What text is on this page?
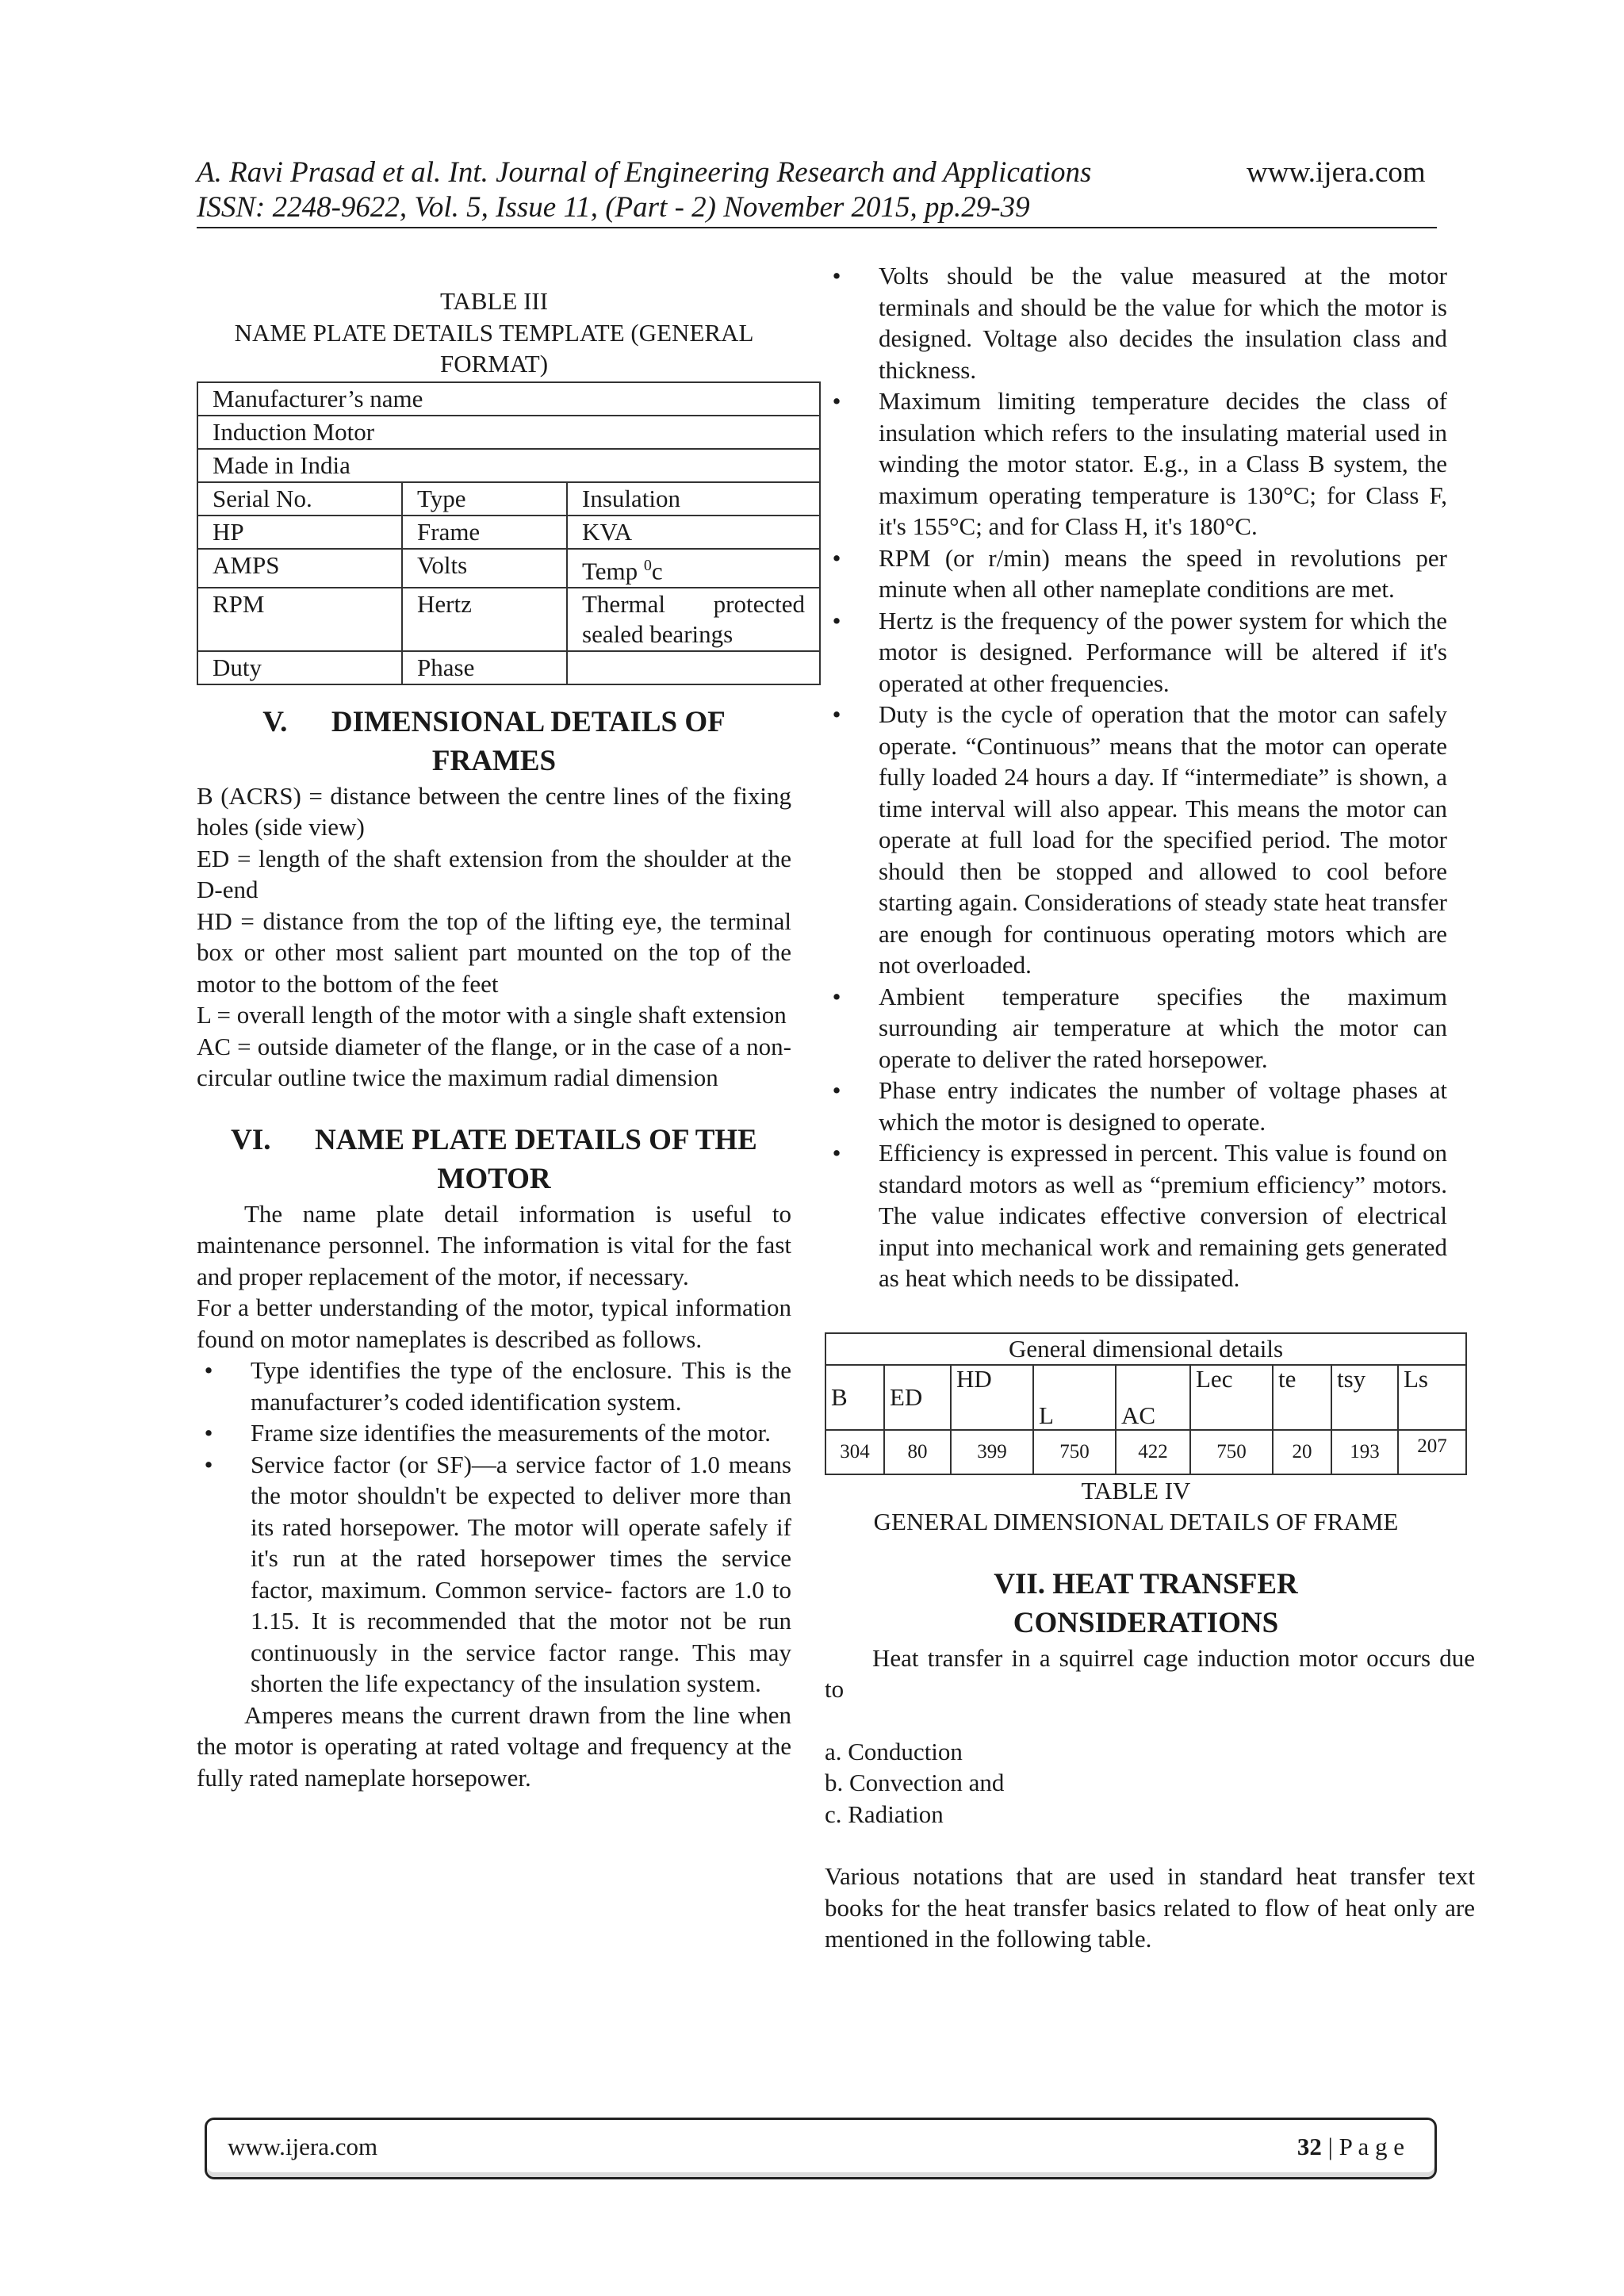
A. Ravi Prasad et al. Int. Journal of Engineering Research and Applications	www.ijera.com
ISSN: 2248-9622, Vol. 5, Issue 11, (Part - 2) November 2015, pp.29-39
TABLE III
NAME PLATE DETAILS TEMPLATE (GENERAL FORMAT)
Manufacturer’s name		
Induction Motor		
Made in India		
Serial No.	Type	Insulation
HP	Frame	KVA
AMPS	Volts	Temp $^0$c
RPM	Hertz	Thermal protected sealed bearings
Duty	Phase	
V. DIMENSIONAL DETAILS OF
FRAMES

B (ACRS) = distance between the centre lines of the fixing holes (side view)

ED = length of the shaft extension from the shoulder at the D-end

HD = distance from the top of the lifting eye, the terminal box or other most salient part mounted on the top of the motor to the bottom of the feet

L = overall length of the motor with a single shaft extension

AC = outside diameter of the flange, or in the case of a non-circular outline twice the maximum radial dimension

VI. NAME PLATE DETAILS OF THE
MOTOR

The name plate detail information is useful to maintenance personnel. The information is vital for the fast and proper replacement of the motor, if necessary.

For a better understanding of the motor, typical information found on motor nameplates is described as follows.

•	Type identifies the type of the enclosure. This is the manufacturer’s coded identification system.
•	Frame size identifies the measurements of the motor.
•	Service factor (or SF)—a service factor of 1.0 means the motor shouldn't be expected to deliver more than its rated horsepower. The motor will operate safely if it's run at the rated horsepower times the service factor, maximum. Common service- factors are 1.0 to 1.15. It is recommended that the motor not be run continuously in the service factor range. This may shorten the life expectancy of the insulation system.

Amperes means the current drawn from the line when the motor is operating at rated voltage and frequency at the fully rated nameplate horsepower.

•	Volts should be the value measured at the motor terminals and should be the value for which the motor is designed. Voltage also decides the insulation class and thickness.
•	Maximum limiting temperature decides the class of insulation which refers to the insulating material used in winding the motor stator. E.g., in a Class B system, the maximum operating temperature is 130°C; for Class F, it's 155°C; and for Class H, it's 180°C.
•	RPM (or r/min) means the speed in revolutions per minute when all other nameplate conditions are met.
•	Hertz is the frequency of the power system for which the motor is designed. Performance will be altered if it's operated at other frequencies.
•	Duty is the cycle of operation that the motor can safely operate. “Continuous” means that the motor can operate fully loaded 24 hours a day. If “intermediate” is shown, a time interval will also appear. This means the motor can operate at full load for the specified period. The motor should then be stopped and allowed to cool before starting again. Considerations of steady state heat transfer are enough for continuous operating motors which are not overloaded.
•	Ambient temperature specifies the maximum surrounding air temperature at which the motor can operate to deliver the rated horsepower.
•	Phase entry indicates the number of voltage phases at which the motor is designed to operate.
•	Efficiency is expressed in percent. This value is found on standard motors as well as “premium efficiency” motors. The value indicates effective conversion of electrical input into mechanical work and remaining gets generated as heat which needs to be dissipated.
General dimensional details								
B	ED	HD	L	AC	Lec	te	tsy	Ls
304	80	399	750	422	750	20	193	207
TABLE IV
GENERAL DIMENSIONAL DETAILS OF FRAME
VII. HEAT TRANSFER
CONSIDERATIONS

Heat transfer in a squirrel cage induction motor occurs due to

a. Conduction
b. Convection and
c. Radiation

Various notations that are used in standard heat transfer text books for the heat transfer basics related to flow of heat only are mentioned in the following table.

www.ijera.com	32 | P a g e
